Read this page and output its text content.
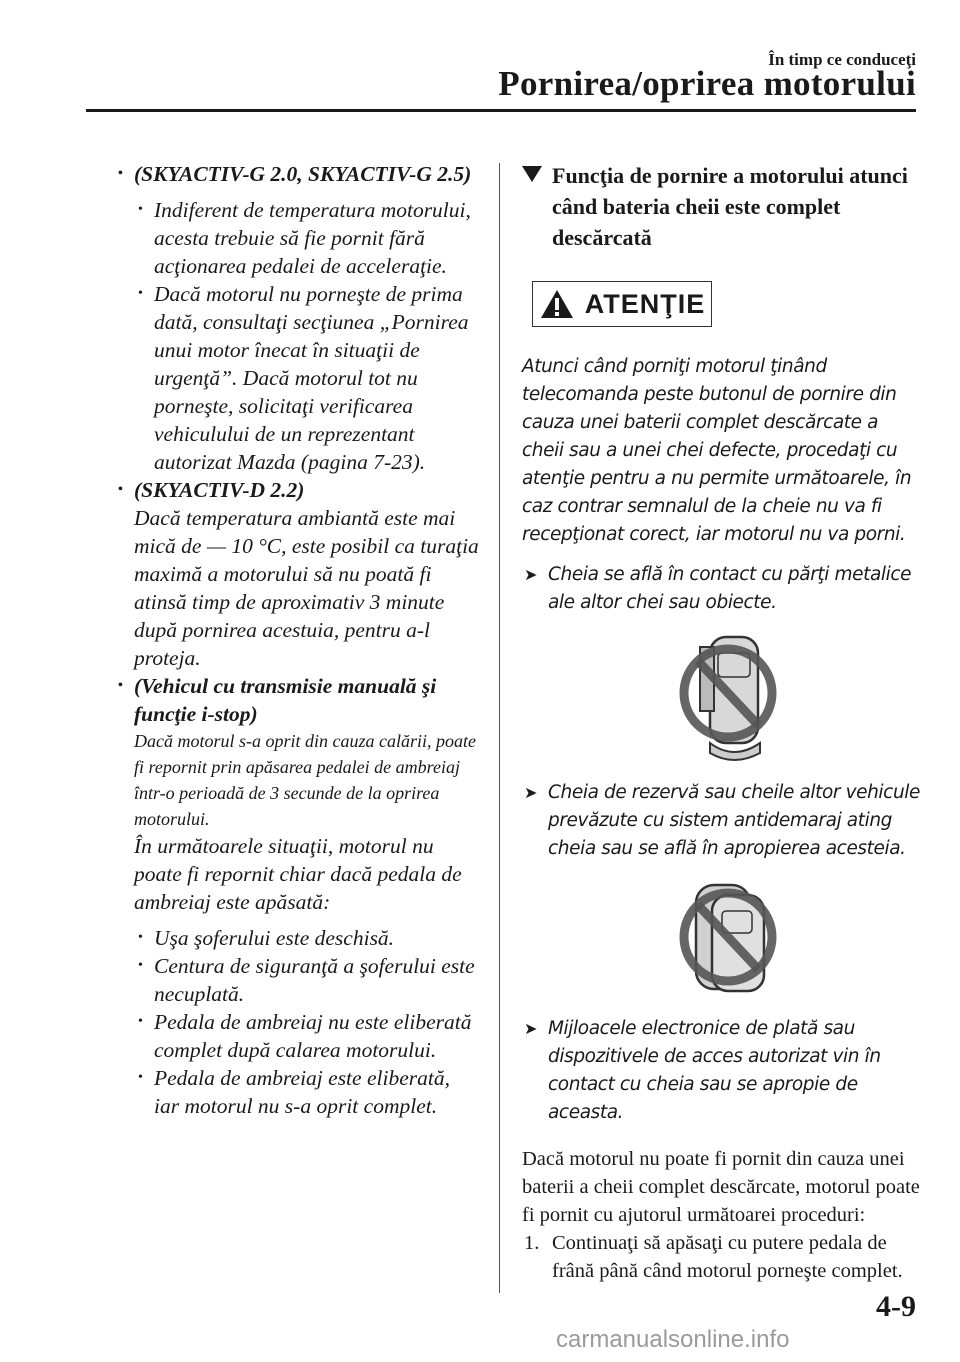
În timp ce conduceţi
Pornirea/oprirea motorului
• (SKYACTIV-G 2.0, SKYACTIV-G 2.5)
• Indiferent de temperatura motorului, acesta trebuie să fie pornit fără acţionarea pedalei de acceleraţie.
• Dacă motorul nu porneşte de prima dată, consultaţi secţiunea „Pornirea unui motor înecat în situaţii de urgenţă”. Dacă motorul tot nu porneşte, solicitaţi verificarea vehiculului de un reprezentant autorizat Mazda (pagina 7-23).
• (SKYACTIV-D 2.2)
Dacă temperatura ambiantă este mai mică de — 10 °C, este posibil ca turaţia maximă a motorului să nu poată fi atinsă timp de aproximativ 3 minute după pornirea acestuia, pentru a-l proteja.
• (Vehicul cu transmisie manuală şi funcţie i-stop)
Dacă motorul s-a oprit din cauza calării, poate fi repornit prin apăsarea pedalei de ambreiaj într-o perioadă de 3 secunde de la oprirea motorului.
În următoarele situaţii, motorul nu poate fi repornit chiar dacă pedala de ambreiaj este apăsată:
• Uşa şoferului este deschisă.
• Centura de siguranţă a şoferului este necuplată.
• Pedala de ambreiaj nu este eliberată complet după calarea motorului.
• Pedala de ambreiaj este eliberată, iar motorul nu s-a oprit complet.
Funcţia de pornire a motorului atunci când bateria cheii este complet descărcată
ATENŢIE
Atunci când porniţi motorul ţinând telecomanda peste butonul de pornire din cauza unei baterii complet descărcate a cheii sau a unei chei defecte, procedaţi cu atenţie pentru a nu permite următoarele, în caz contrar semnalul de la cheie nu va fi recepţionat corect, iar motorul nu va porni.
➤ Cheia se află în contact cu părţi metalice ale altor chei sau obiecte.
➤ Cheia de rezervă sau cheile altor vehicule prevăzute cu sistem antidemaraj ating cheia sau se află în apropierea acesteia.
➤ Mijloacele electronice de plată sau dispozitivele de acces autorizat vin în contact cu cheia sau se apropie de aceasta.
Dacă motorul nu poate fi pornit din cauza unei baterii a cheii complet descărcate, motorul poate fi pornit cu ajutorul următoarei proceduri:
1. Continuaţi să apăsaţi cu putere pedala de frână până când motorul porneşte complet.
4-9
carmanualsonline.info
